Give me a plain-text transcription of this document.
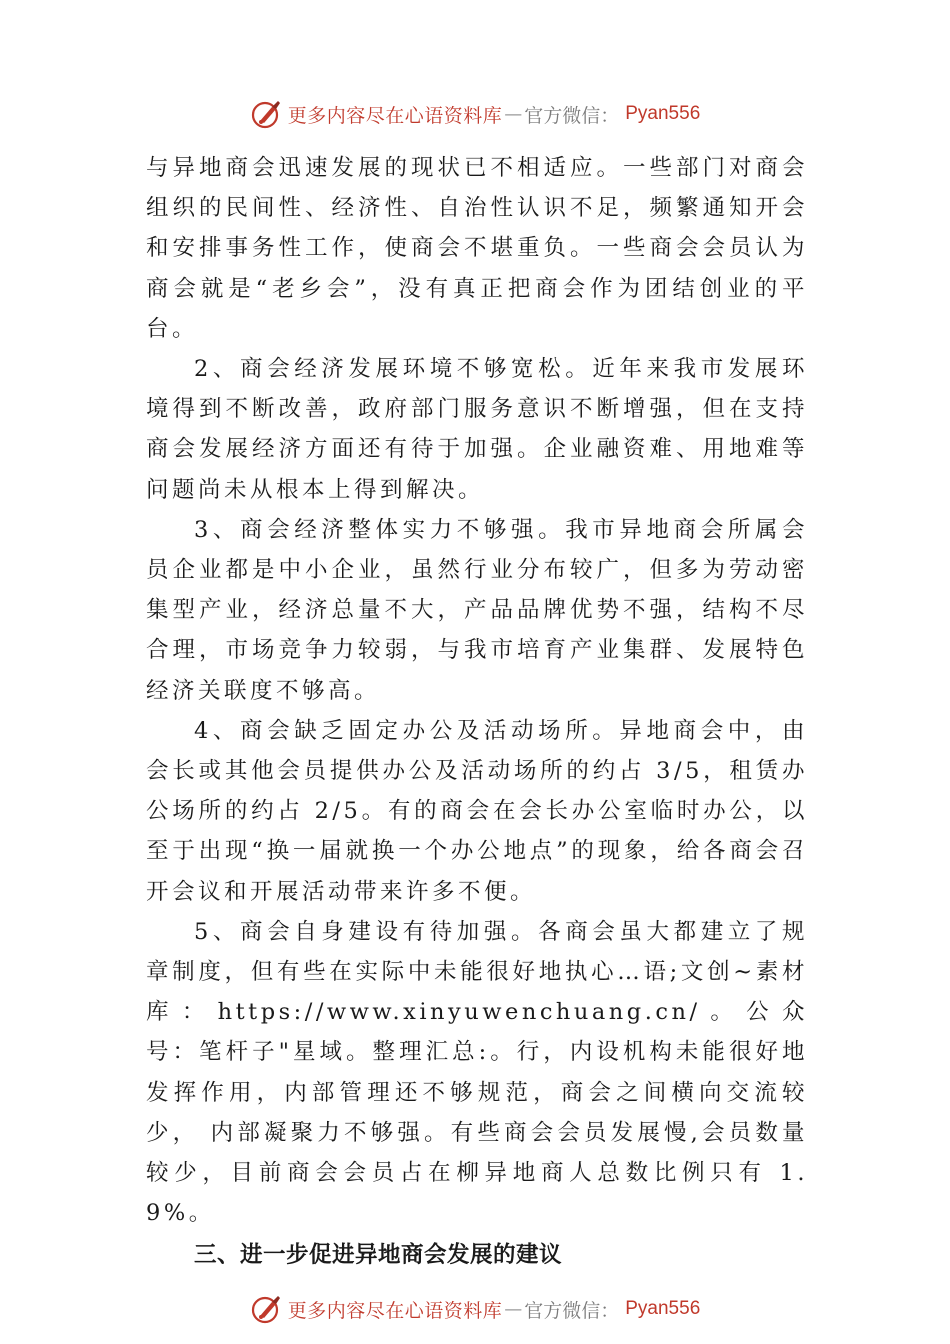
更多内容尽在心语资料库 — 官方微信： Pyan556

与异地商会迅速发展的现状已不相适应。一些部门对商会组织的民间性、经济性、自治性认识不足，频繁通知开会和安排事务性工作，使商会不堪重负。一些商会会员认为商会就是“老乡会”，没有真正把商会作为团结创业的平台。

2、商会经济发展环境不够宽松。近年来我市发展环境得到不断改善，政府部门服务意识不断增强，但在支持商会发展经济方面还有待于加强。企业融资难、用地难等问题尚未从根本上得到解决。

3、商会经济整体实力不够强。我市异地商会所属会员企业都是中小企业，虽然行业分布较广，但多为劳动密集型产业，经济总量不大，产品品牌优势不强，结构不尽合理，市场竞争力较弱，与我市培育产业集群、发展特色经济关联度不够高。

4、商会缺乏固定办公及活动场所。异地商会中，由会长或其他会员提供办公及活动场所的约占 3/5，租赁办公场所的约占 2/5。有的商会在会长办公室临时办公，以至于出现“换一届就换一个办公地点”的现象，给各商会召开会议和开展活动带来许多不便。

5、商会自身建设有待加强。各商会虽大都建立了规章制度，但有些在实际中未能很好地执心…语;文创~素材库：https://www.xinyuwenchuang.cn/。公众号：笔杆子"星域。整理汇总:。行，内设机构未能很好地发挥作用，内部管理还不够规范，商会之间横向交流较少， 内部凝聚力不够强。有些商会会员发展慢,会员数量较少，目前商会会员占在柳异地商人总数比例只有 1.9%。

三、进一步促进异地商会发展的建议

更多内容尽在心语资料库 — 官方微信： Pyan556
